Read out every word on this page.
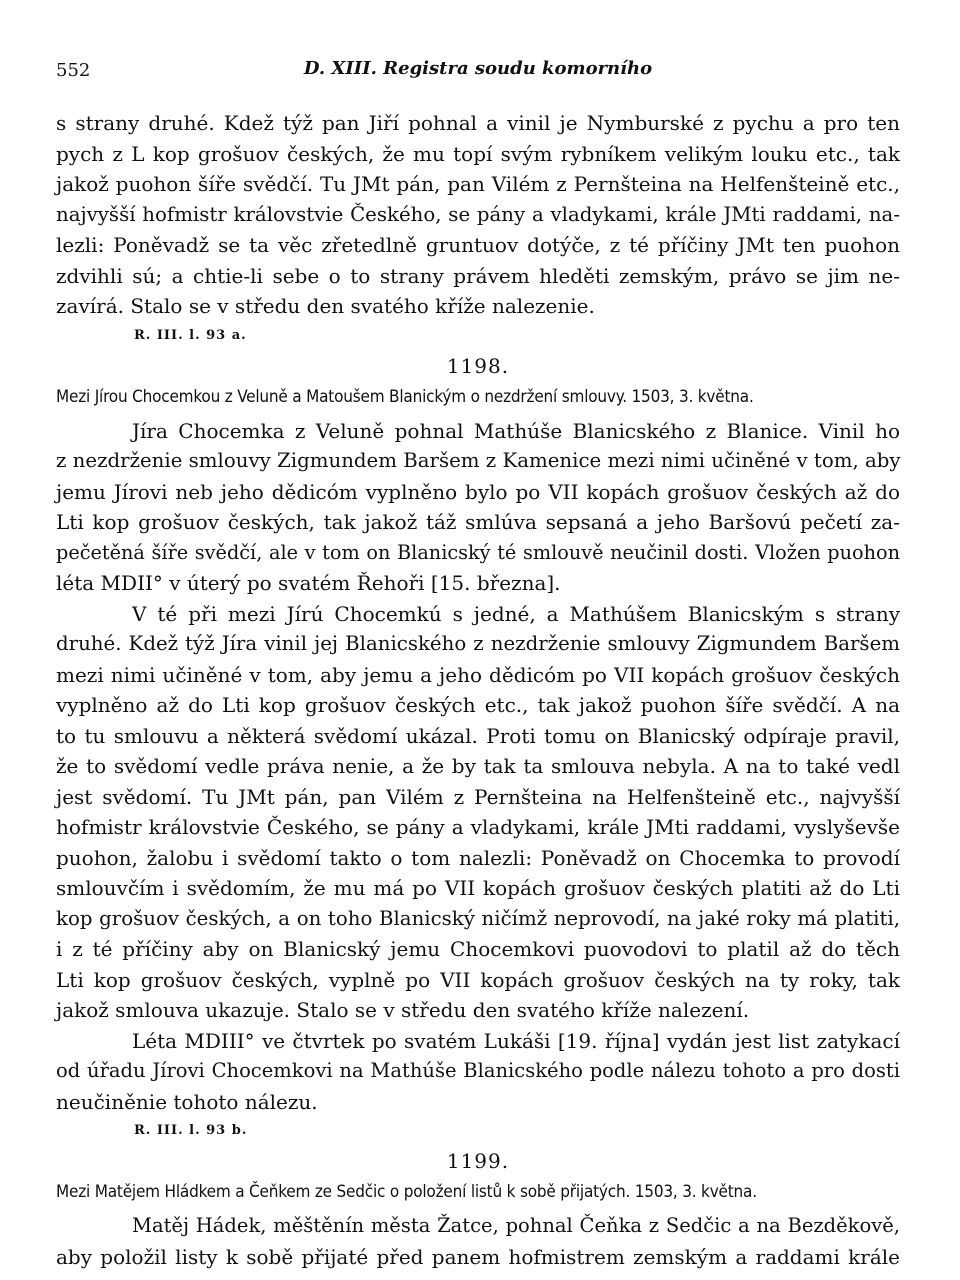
552	D. XIII. Registra soudu komorního
s strany druhé. Kdež týž pan Jiří pohnal a vinil je Nymburské z pychu a pro ten
pych z L kop grošuov českých, že mu topí svým rybníkem velikým louku etc., tak
jakož puohon šíře svědčí. Tu JMt pán, pan Vilém z Pernšteina na Helfenšteině etc.,
najvyšší hofmistr královstvie Českého, se pány a vladykami, krále JMti raddami, na-
lezli: Poněvadž se ta věc zřetedlně gruntuov dotýče, z té příčiny JMt ten puohon
zdvihli sú; a chtie-li sebe o to strany právem hleděti zemským, právo se jim ne-
zavírá. Stalo se v středu den svatého kříže nalezenie.
R. III. l. 93 a.
1198.
Mezi Jírou Chocemkou z Veluně a Matoušem Blanickým o nezdržení smlouvy. 1503, 3. května.
Jíra Chocemka z Veluně pohnal Mathúše Blanicského z Blanice. Vinil ho
z nezdrženie smlouvy Zigmundem Baršem z Kamenice mezi nimi učiněné v tom, aby
jemu Jírovi neb jeho dědicóm vyplněno bylo po VII kopách grošuov českých až do
Lti kop grošuov českých, tak jakož táž smlúva sepsaná a jeho Baršovú pečetí za-
pečetěná šíře svědčí, ale v tom on Blanicský té smlouvě neučinil dosti. Vložen puohon
léta MDII° v úterý po svatém Řehoři [15. března].
V té při mezi Jírú Chocemkú s jedné, a Mathúšem Blanicským s strany
druhé. Kdež týž Jíra vinil jej Blanicského z nezdrženie smlouvy Zigmundem Baršem
mezi nimi učiněné v tom, aby jemu a jeho dědicóm po VII kopách grošuov českých
vyplněno až do Lti kop grošuov českých etc., tak jakož puohon šíře svědčí. A na
to tu smlouvu a některá svědomí ukázal. Proti tomu on Blanicský odpíraje pravil,
že to svědomí vedle práva nenie, a že by tak ta smlouva nebyla. A na to také vedl
jest svědomí. Tu JMt pán, pan Vilém z Pernšteina na Helfenšteině etc., najvyšší
hofmistr královstvie Českého, se pány a vladykami, krále JMti raddami, vyslyševše
puohon, žalobu i svědomí takto o tom nalezli: Poněvadž on Chocemka to provodí
smlouvčím i svědomím, že mu má po VII kopách grošuov českých platiti až do Lti
kop grošuov českých, a on toho Blanicský ničímž neprovodí, na jaké roky má platiti,
i z té příčiny aby on Blanicský jemu Chocemkovi puovodovi to platil až do těch
Lti kop grošuov českých, vyplně po VII kopách grošuov českých na ty roky, tak
jakož smlouva ukazuje. Stalo se v středu den svatého kříže nalezení.
Léta MDIII° ve čtvrtek po svatém Lukáši [19. října] vydán jest list zatykací
od úřadu Jírovi Chocemkovi na Mathúše Blanicského podle nálezu tohoto a pro dosti
neučiněnie tohoto nálezu.
R. III. l. 93 b.
1199.
Mezi Matějem Hládkem a Čeňkem ze Sedčic o položení listů k sobě přijatých. 1503, 3. května.
Matěj Hádek, měštěnín města Žatce, pohnal Čeňka z Sedčic a na Bezděkově,
aby položil listy k sobě přijaté před panem hofmistrem zemským a raddami krále
